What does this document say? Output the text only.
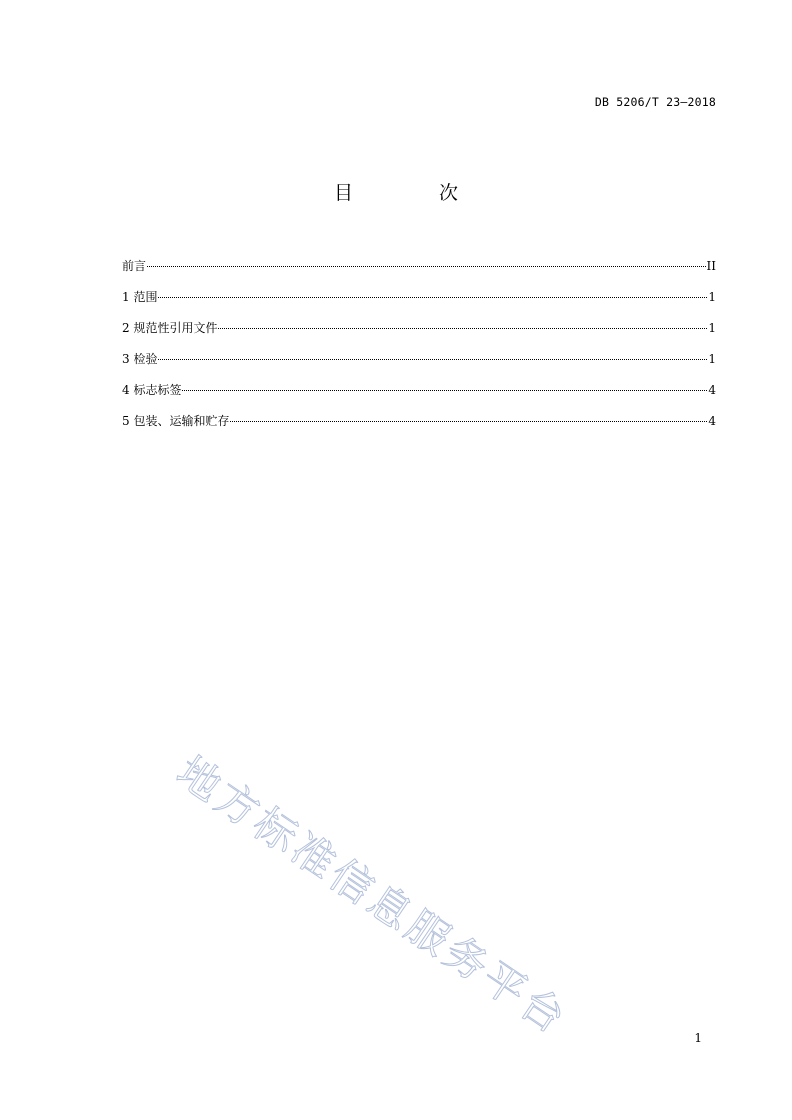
DB 5206/T 23—2018
目 次
前言	II
1 范围	1
2 规范性引用文件	1
3 检验	1
4 标志标签	4
5 包装、运输和贮存	4
地方标准信息服务平台	1
